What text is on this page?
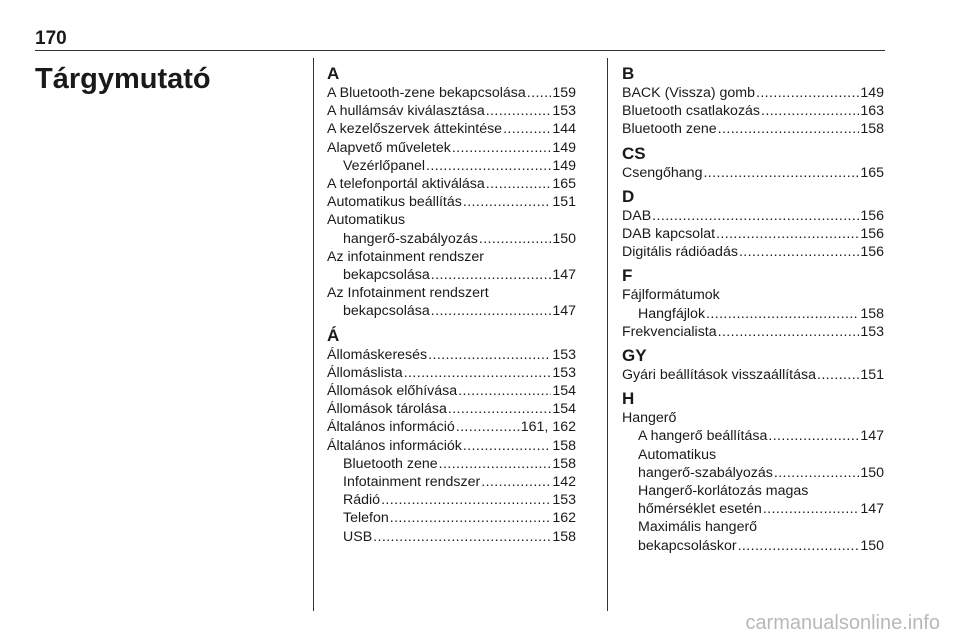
170
Tárgymutató	A
A Bluetooth-zene bekapcsolása ..... 159
A hullámsáv kiválasztása .....	153
A kezelőszervek áttekintése .....	144
Alapvető műveletek .....	149
Vezérlőpanel .....	149
A telefonportál aktiválása .....	165
Automatikus beállítás .....	151
Automatikus
hangerő-szabályozás .....	150
Az infotainment rendszer
bekapcsolása .....	147
Az Infotainment rendszert
bekapcsolása .....	147
Á
Állomáskeresés .....	153
Állomáslista .....	153
Állomások előhívása .....	154
Állomások tárolása .....	154
Általános információ .....	161, 162
Általános információk .....	158
Bluetooth zene .....	158
Infotainment rendszer .....	142
Rádió .....	153
Telefon .....	162
USB .....	158
B
BACK (Vissza) gomb .....	149
Bluetooth csatlakozás .....	163
Bluetooth zene .....	158
CS
Csengőhang .....	165
D
DAB .....	156
DAB kapcsolat .....	156
Digitális rádióadás .....	156
F
Fájlformátumok
Hangfájlok .....	158
Frekvencialista .....	153
GY
Gyári beállítások visszaállítása .....	151
H
Hangerő
A hangerő beállítása .....	147
Automatikus
hangerő-szabályozás .....	150
Hangerő-korlátozás magas
hőmérséklet esetén .....	147
Maximális hangerő
bekapcsoláskor .....	150
carmanualsonline.info
